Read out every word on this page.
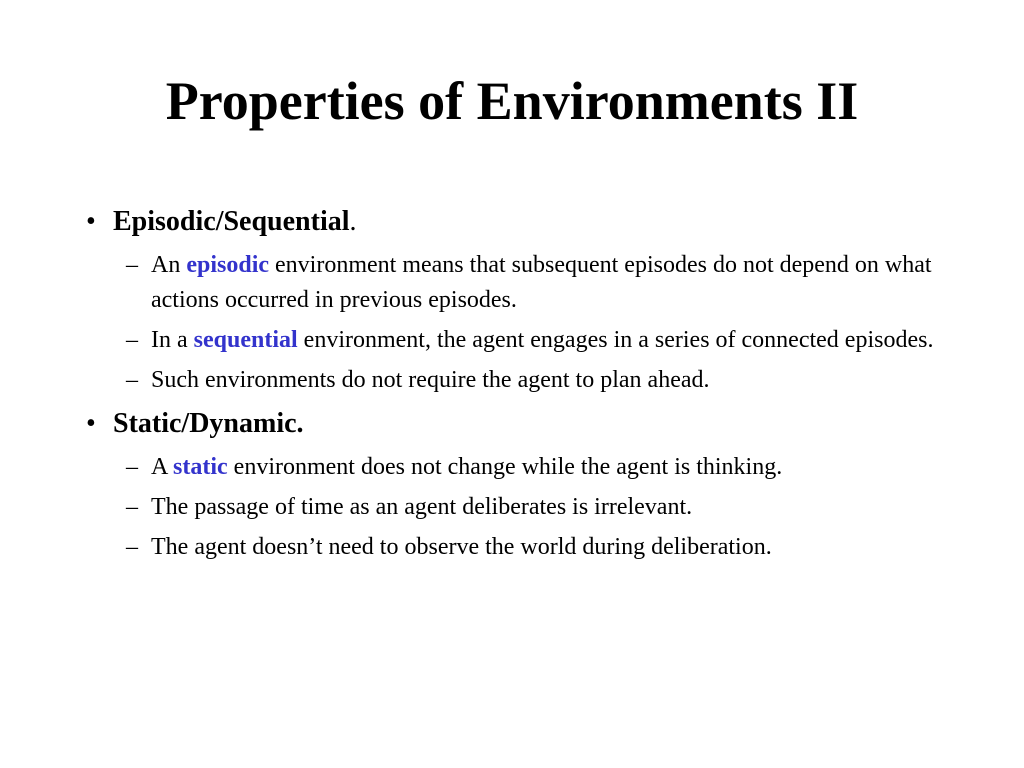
Properties of Environments II
• Episodic/Sequential.
– An episodic environment means that subsequent episodes do not depend on what actions occurred in previous episodes.
– In a sequential environment, the agent engages in a series of connected episodes.
– Such environments do not require the agent to plan ahead.
• Static/Dynamic.
– A static environment does not change while the agent is thinking.
– The passage of time as an agent deliberates is irrelevant.
– The agent doesn’t need to observe the world during deliberation.
